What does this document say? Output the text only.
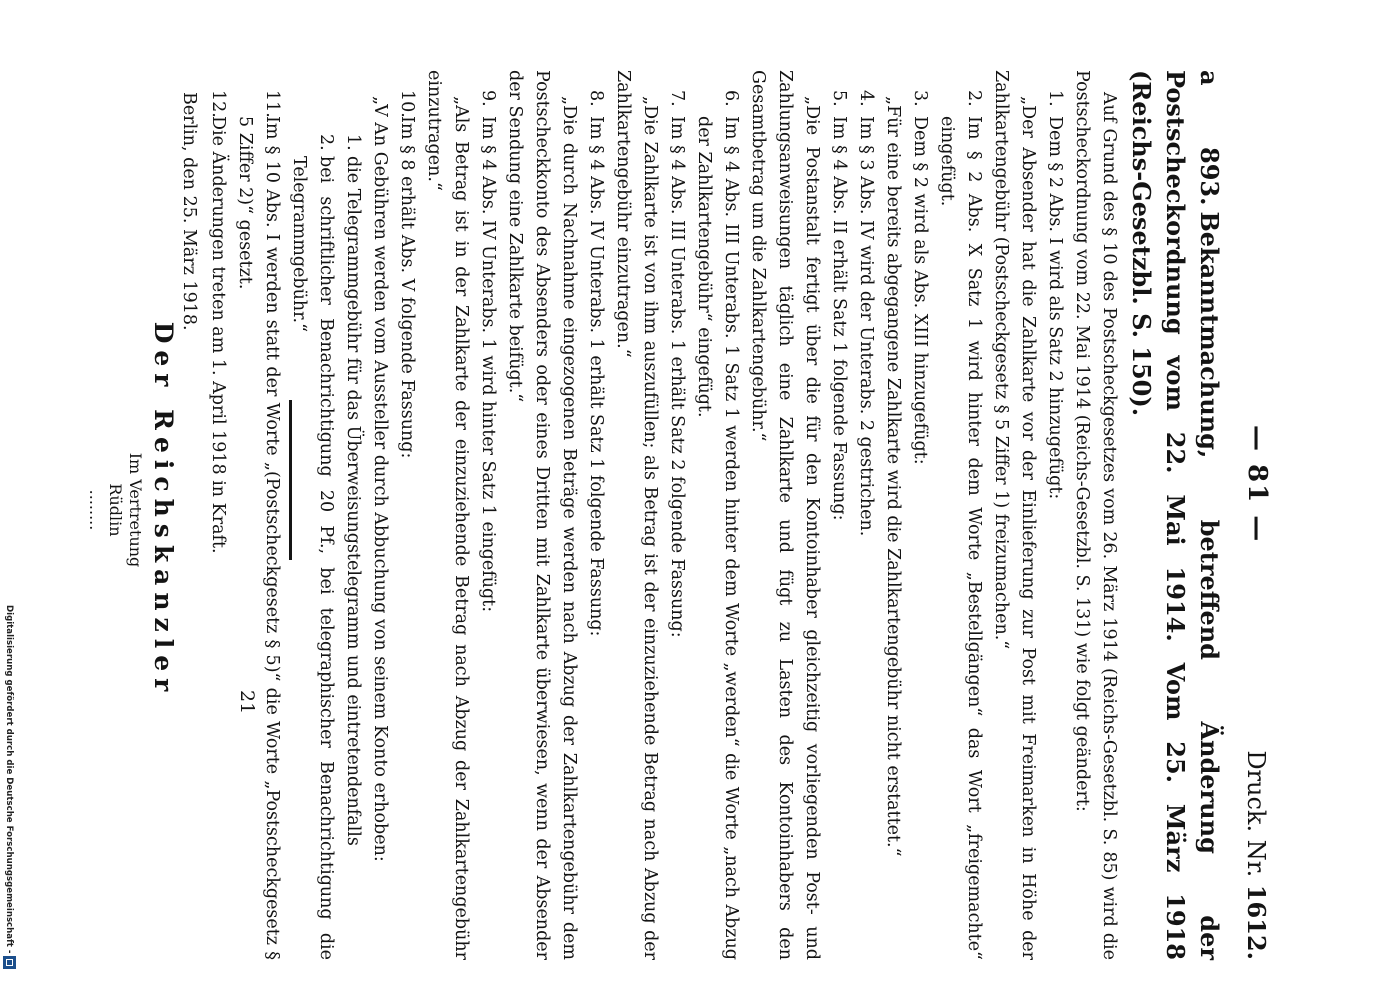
— 81 —
Druck. Nr. 1612.
a 893.Bekanntmachung, betreffend Änderung der Postscheckordnung vom 22. Mai 1914. Vom 25. März 1918 (Reichs-Gesetzbl. S. 150).

Auf Grund des § 10 des Postscheckgesetzes vom 26. März 1914 (Reichs-Gesetzbl. S. 85) wird die Postscheckordnung vom 22. Mai 1914 (Reichs-Gesetzbl. S. 131) wie folgt geändert:

1.
Dem § 2 Abs. I wird als Satz 2 hinzugefügt:

„Der Absender hat die Zahlkarte vor der Einlieferung zur Post mit Freimarken in Höhe der Zahlkartengebühr (Postscheckgesetz § 5 Ziffer 1) freizumachen.“

2.
Im § 2 Abs. X Satz 1 wird hinter dem Worte „Bestellgängen“ das Wort „freigemachte“ eingefügt.
3.
Dem § 2 wird als Abs. XIII hinzugefügt:

„Für eine bereits abgegangene Zahlkarte wird die Zahlkartengebühr nicht erstattet.“

4.
Im § 3 Abs. IV wird der Unterabs. 2 gestrichen.
5.
Im § 4 Abs. II erhält Satz 1 folgende Fassung:

„Die Postanstalt fertigt über die für den Kontoinhaber gleichzeitig vorliegenden Post- und Zahlungsanweisungen täglich eine Zahlkarte und fügt zu Lasten des Kontoinhabers den Gesamtbetrag um die Zahlkartengebühr.“

6.
Im § 4 Abs. III Unterabs. 1 Satz 1 werden hinter dem Worte „werden“ die Worte „nach Abzug der Zahlkartengebühr“ eingefügt.
7.
Im § 4 Abs. III Unterabs. 1 erhält Satz 2 folgende Fassung:

„Die Zahlkarte ist von ihm auszufüllen; als Betrag ist der einzuziehende Betrag nach Abzug der Zahlkartengebühr einzutragen.“

8.
Im § 4 Abs. IV Unterabs. 1 erhält Satz 1 folgende Fassung:

„Die durch Nachnahme eingezogenen Beträge werden nach Abzug der Zahlkartengebühr dem Postscheckkonto des Absenders oder eines Dritten mit Zahlkarte überwiesen, wenn der Absender der Sendung eine Zahlkarte beifügt.“

9.
Im § 4 Abs. IV Unterabs. 1 wird hinter Satz 1 eingefügt:

„Als Betrag ist in der Zahlkarte der einzuziehende Betrag nach Abzug der Zahlkartengebühr einzutragen.“

10.
Im § 8 erhält Abs. V folgende Fassung:

„V An Gebühren werden vom Aussteller durch Abbuchung von seinem Konto erhoben:

1.
die Telegrammgebühr für das Überweisungstelegramm und eintretendenfalls
2.
bei schriftlicher Benachrichtigung 20 Pf., bei telegraphischer Benachrichtigung die Telegrammgebühr.“
11.
Im § 10 Abs. I werden statt der Worte „(Postscheckgesetz § 5)“ die Worte „Postscheckgesetz § 5 Ziffer 2)“ gesetzt.
12.
Die Änderungen treten am 1. April 1918 in Kraft.

Berlin, den 25. März 1918.

Der Reichskanzler
Im Vertretung
Rüdlin
........
21
Digitalisierung gefördert durch die Deutsche Forschungsgemeinschaft -
